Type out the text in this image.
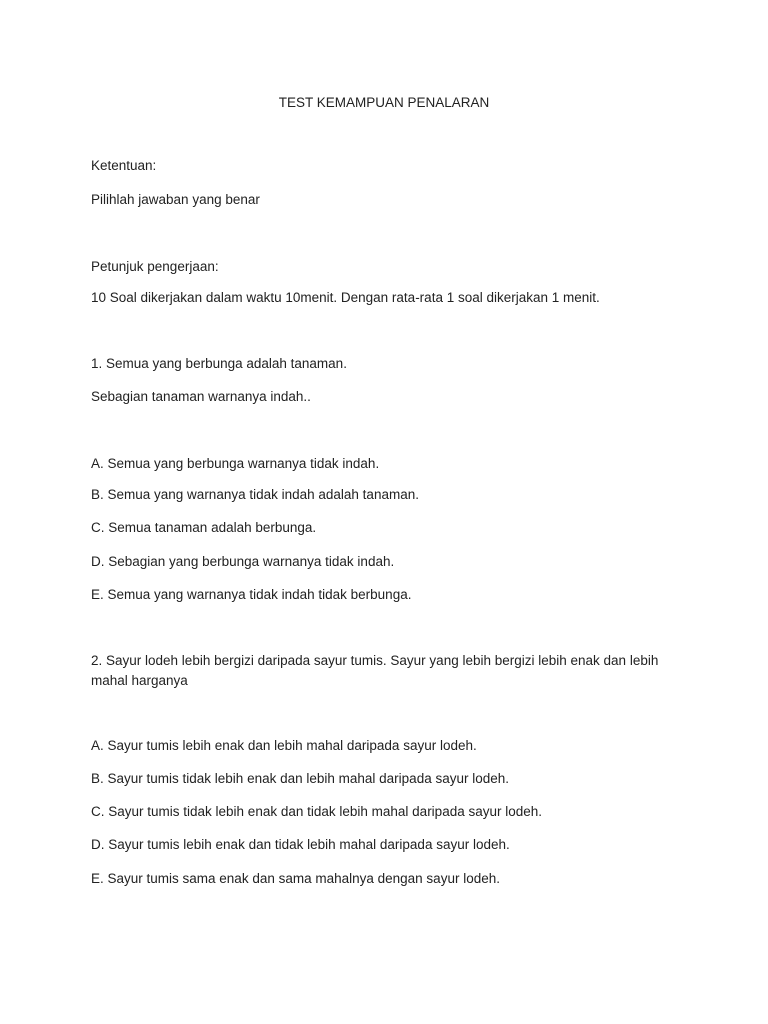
TEST KEMAMPUAN PENALARAN
Ketentuan:
Pilihlah jawaban yang benar
Petunjuk pengerjaan:
10 Soal dikerjakan dalam waktu 10menit. Dengan rata-rata 1 soal dikerjakan 1 menit.
1. Semua yang berbunga adalah tanaman.
Sebagian tanaman warnanya indah..
A. Semua yang berbunga warnanya tidak indah.
B. Semua yang warnanya tidak indah adalah tanaman.
C. Semua tanaman adalah berbunga.
D. Sebagian yang berbunga warnanya tidak indah.
E. Semua yang warnanya tidak indah tidak berbunga.
2. Sayur lodeh lebih bergizi daripada sayur tumis. Sayur yang lebih bergizi lebih enak dan lebih mahal harganya
A. Sayur tumis lebih enak dan lebih mahal daripada sayur lodeh.
B. Sayur tumis tidak lebih enak dan lebih mahal daripada sayur lodeh.
C. Sayur tumis tidak lebih enak dan tidak lebih mahal daripada sayur lodeh.
D. Sayur tumis lebih enak dan tidak lebih mahal daripada sayur lodeh.
E. Sayur tumis sama enak dan sama mahalnya dengan sayur lodeh.
